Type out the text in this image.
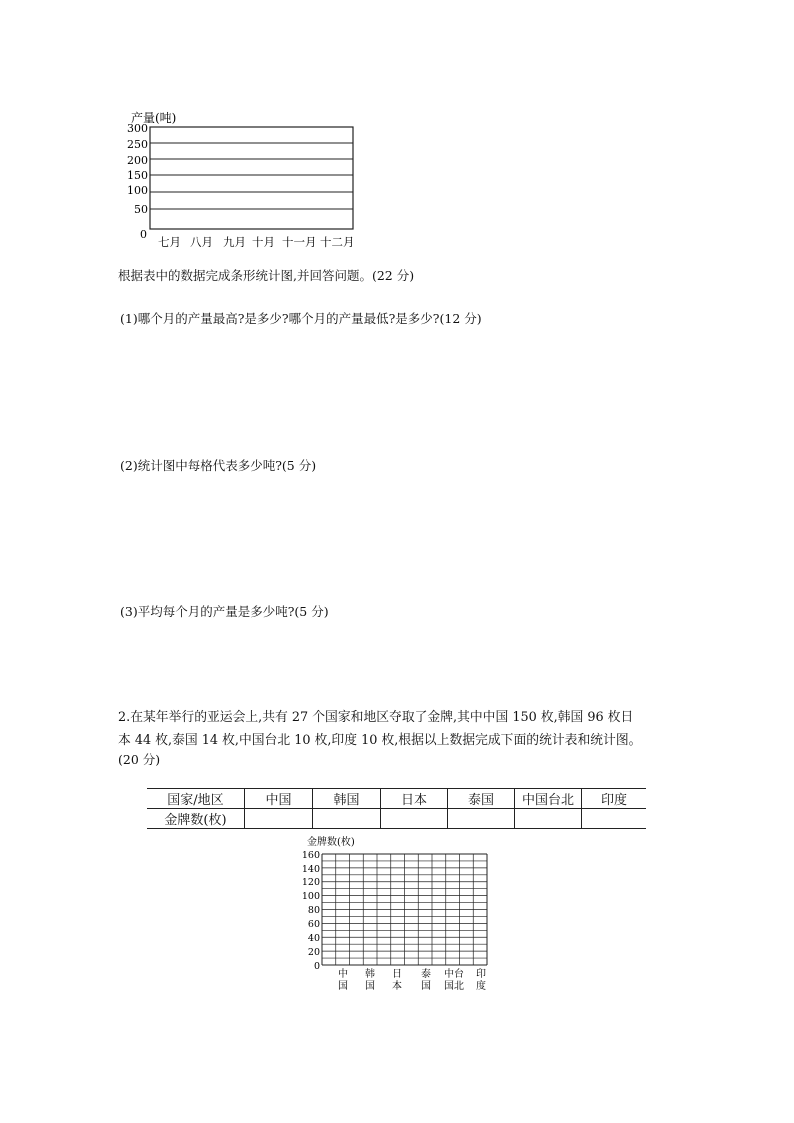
产量(吨)
300
250
200
150
100
50
0
七月 八月 九月 十月 十一月 十二月
根据表中的数据完成条形统计图,并回答问题。(22 分)
(1)哪个月的产量最高?是多少?哪个月的产量最低?是多少?(12 分)
(2)统计图中每格代表多少吨?(5 分)
(3)平均每个月的产量是多少吨?(5 分)
2.在某年举行的亚运会上,共有 27 个国家和地区夺取了金牌,其中中国 150 枚,韩国 96 枚日
本 44 枚,泰国 14 枚,中国台北 10 枚,印度 10 枚,根据以上数据完成下面的统计表和统计图。
(20 分)
国家/地区	中国	韩国	日本	泰国	中国台北	印度
金牌数(枚)						
金牌数(枚)
160
140
120
100
80
60
40
20
0
中
国
韩
国
日
本
泰
国
中台
国北
印
度
